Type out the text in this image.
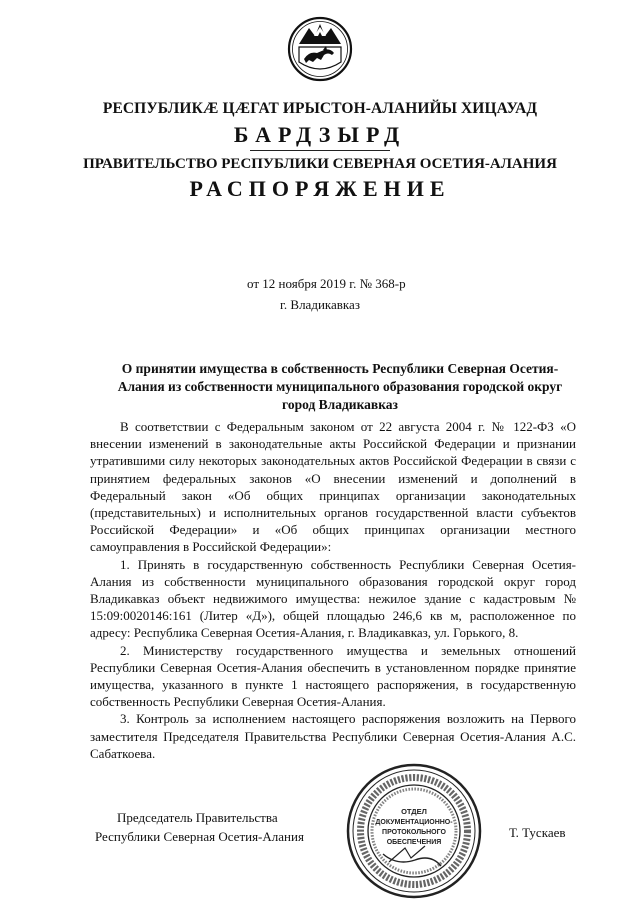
РЕСПУБЛИКÆ ЦÆГАТ ИРЫСТОН-АЛАНИЙЫ ХИЦАУАД
БАРДЗЫРД
ПРАВИТЕЛЬСТВО РЕСПУБЛИКИ СЕВЕРНАЯ ОСЕТИЯ-АЛАНИЯ
РАСПОРЯЖЕНИЕ
от 12 ноября 2019 г. № 368-р
г. Владикавказ
О принятии имущества в собственность Республики Северная Осетия-Алания из собственности муниципального образования городской округ город Владикавказ

В соответствии с Федеральным законом от 22 августа 2004 г. № 122-ФЗ «О внесении изменений в законодательные акты Российской Федерации и признании утратившими силу некоторых законодательных актов Российской Федерации в связи с принятием федеральных законов «О внесении изменений и дополнений в Федеральный закон «Об общих принципах организации законодательных (представительных) и исполнительных органов государственной власти субъектов Российской Федерации» и «Об общих принципах организации местного самоуправления в Российской Федерации»:

1. Принять в государственную собственность Республики Северная Осетия-Алания из собственности муниципального образования городской округ город Владикавказ объект недвижимого имущества: нежилое здание с кадастровым № 15:09:0020146:161 (Литер «Д»), общей площадью 246,6 кв м, расположенное по адресу: Республика Северная Осетия-Алания, г. Владикавказ, ул. Горького, 8.

2. Министерству государственного имущества и земельных отношений Республики Северная Осетия-Алания обеспечить в установленном порядке принятие имущества, указанного в пункте 1 настоящего распоряжения, в государственную собственность Республики Северная Осетия-Алания.

3. Контроль за исполнением настоящего распоряжения возложить на Первого заместителя Председателя Правительства Республики Северная Осетия-Алания А.С. Сабаткоева.

Председатель Правительства
Республики Северная Осетия-Алания
ОТДЕЛ
ДОКУМЕНТАЦИОННО-
ПРОТОКОЛЬНОГО
ОБЕСПЕЧЕНИЯ
Т. Тускаев
